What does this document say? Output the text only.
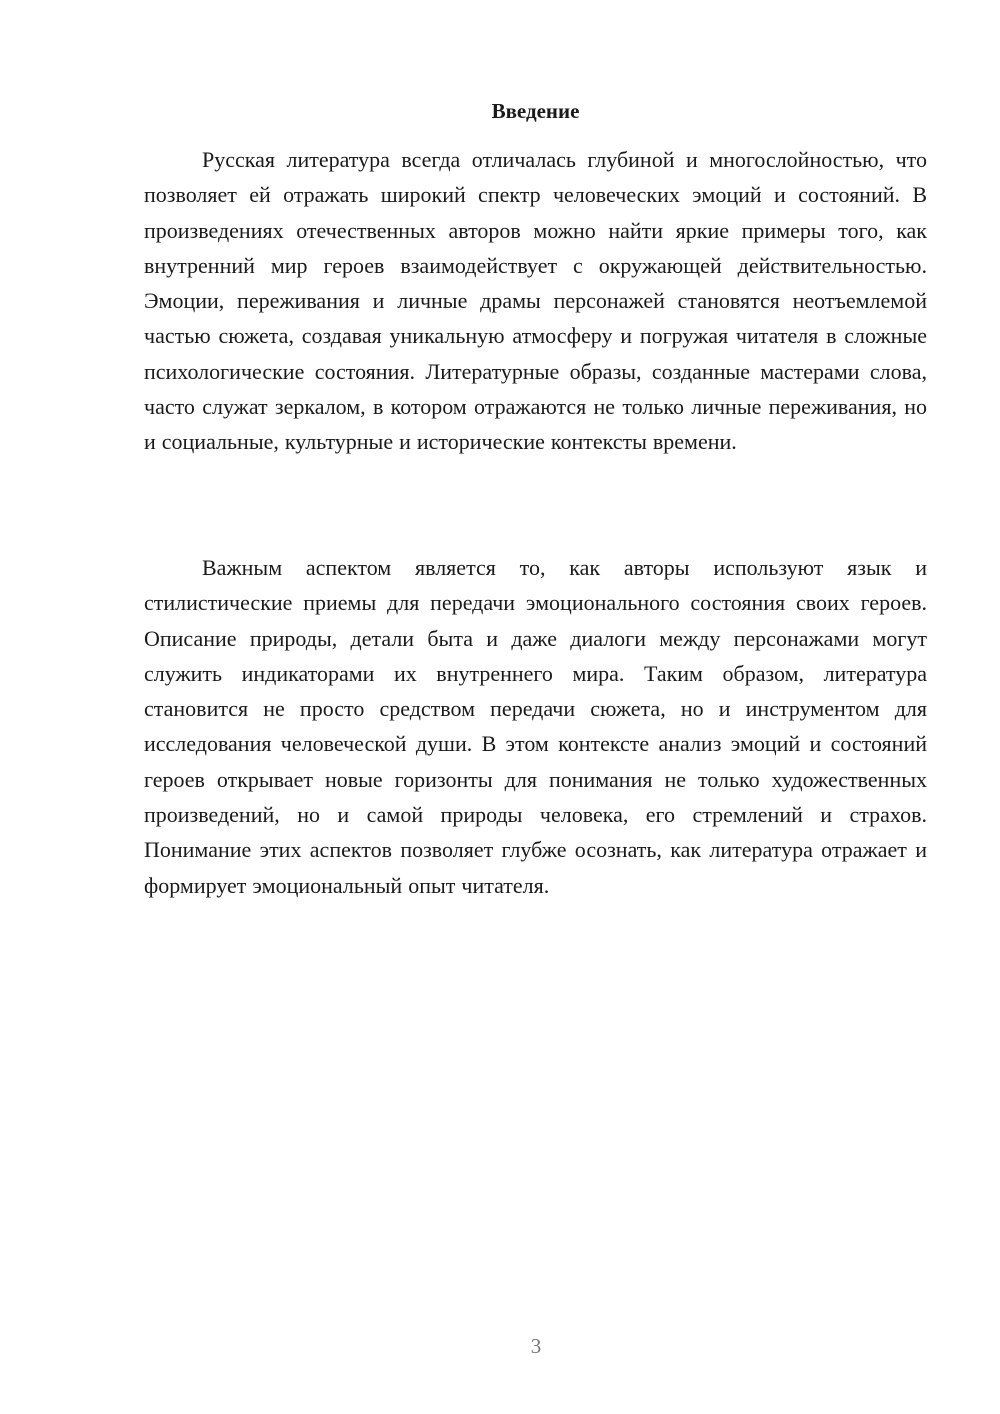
Введение

Русская литература всегда отличалась глубиной и многослойностью, что позволяет ей отражать широкий спектр человеческих эмоций и состояний. В произведениях отечественных авторов можно найти яркие примеры того, как внутренний мир героев взаимодействует с окружающей действительностью. Эмоции, переживания и личные драмы персонажей становятся неотъемлемой частью сюжета, создавая уникальную атмосферу и погружая читателя в сложные психологические состояния. Литературные образы, созданные мастерами слова, часто служат зеркалом, в котором отражаются не только личные переживания, но и социальные, культурные и исторические контексты времени.

Важным аспектом является то, как авторы используют язык и стилистические приемы для передачи эмоционального состояния своих героев. Описание природы, детали быта и даже диалоги между персонажами могут служить индикаторами их внутреннего мира. Таким образом, литература становится не просто средством передачи сюжета, но и инструментом для исследования человеческой души. В этом контексте анализ эмоций и состояний героев открывает новые горизонты для понимания не только художественных произведений, но и самой природы человека, его стремлений и страхов. Понимание этих аспектов позволяет глубже осознать, как литература отражает и формирует эмоциональный опыт читателя.

3
